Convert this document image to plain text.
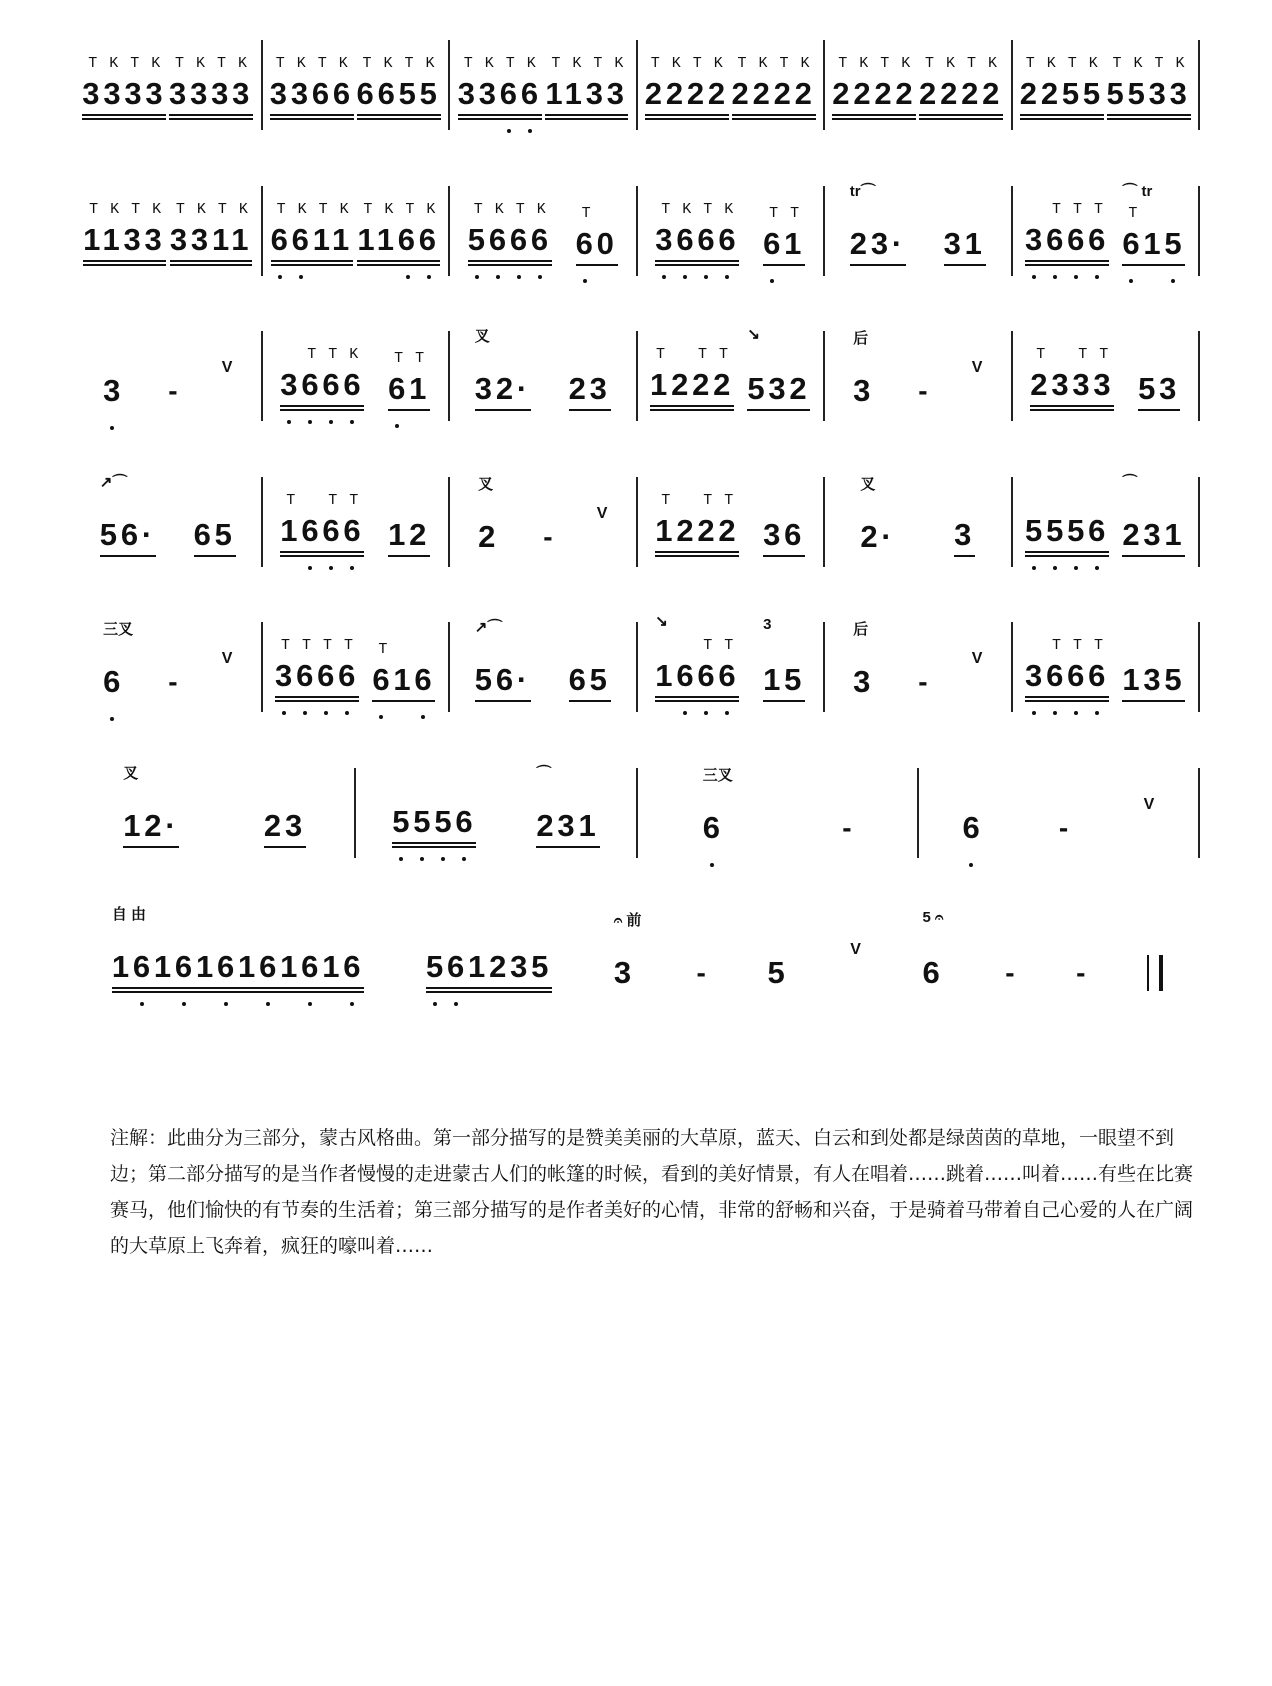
3333
TKTK
3333
TKTK
3366
TKTK
6655
TKTK
3366
TKTK
1133
TKTK
2222
TKTK
2222
TKTK
2222
TKTK
2222
TKTK
2255
TKTK
5533
TKTK
1133
TKTK
3311
TKTK
6611
TKTK
1166
TKTK
5666
TKTK
60
T
3666
TKTK
61
TT
tr⌒
23· 31 3666
TTT
⌒ tr
615
T
3 -
V 3666
TTK
61
TT
叉
32· 23 1222
T TT
↘
532
后
3 -
V 2333
T TT
53
↗⌒
56· 65 1666
T TT
12
叉
2 -
V 1222
T TT
36
叉
2· 3 5556
⌒
231
三叉
6 -
V 3666
TTTT
616
T
↗⌒
56· 65
↘
1666
TT
3
15
后
3 -
V 3666
TTT
135
叉
12·	23	5556
⌒
231
三叉
6	-	6	-
V
自 由
161616161616 561235
𝄐 前
3 - 5
V
5 𝄐
6 - -
注解：此曲分为三部分，蒙古风格曲。第一部分描写的是赞美美丽的大草原，蓝天、白云和到处都是绿茵茵的草地，一眼望不到边；第二部分描写的是当作者慢慢的走进蒙古人们的帐篷的时候，看到的美好情景，有人在唱着……跳着……叫着……有些在比赛赛马，他们愉快的有节奏的生活着；第三部分描写的是作者美好的心情，非常的舒畅和兴奋，于是骑着马带着自己心爱的人在广阔的大草原上飞奔着，疯狂的嚎叫着……
